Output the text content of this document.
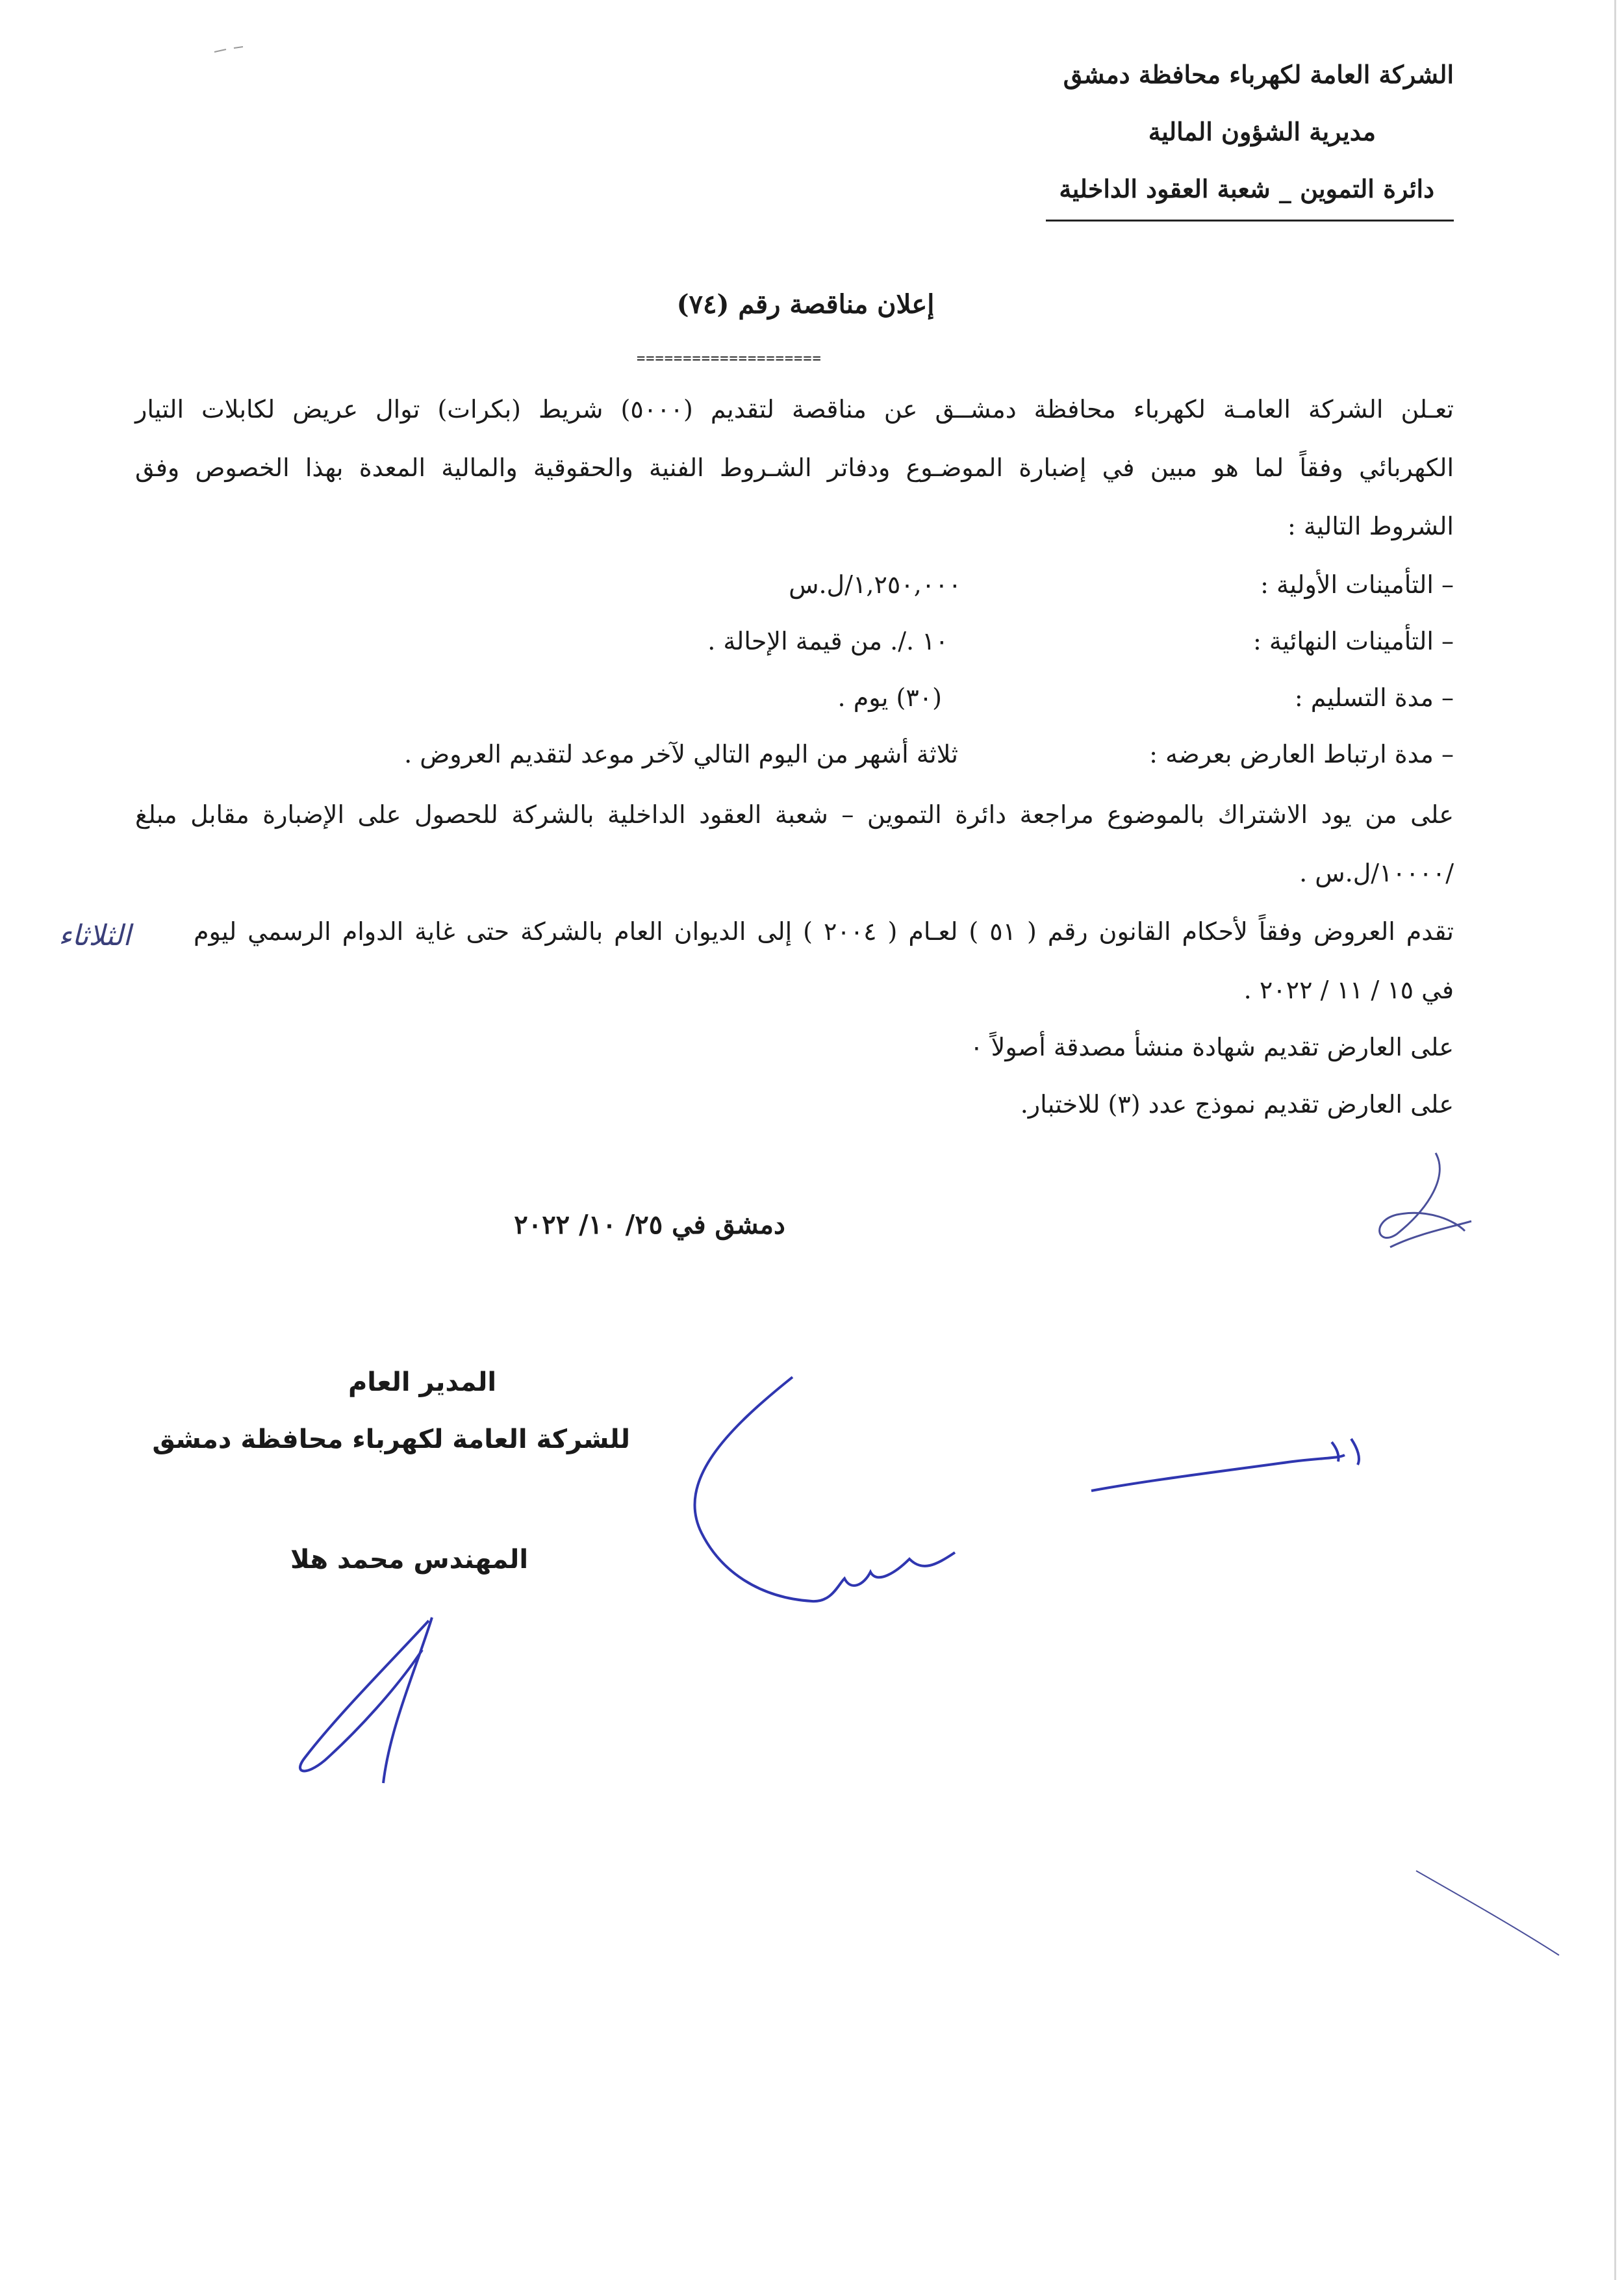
الشركة العامة لكهرباء محافظة دمشق
مديرية الشؤون المالية
دائرة التموين _ شعبة العقود الداخلية
إعلان مناقصة رقم (٧٤)
====================
تعـلن الشركة العامـة لكهرباء محافظة دمشــق عن مناقصة لتقديم (٥٠٠٠) شريط (بكرات) توال عريض لكابلات التيار
الكهربائي وفقاً لما هو مبين في إضبارة الموضـوع ودفاتر الشـروط الفنية والحقوقية والمالية المعدة بهذا الخصوص وفق
الشروط التالية :
– التأمينات الأولية :
١,٢٥٠,٠٠٠/ل.س
– التأمينات النهائية :
١٠ ./. من قيمة الإحالة .
– مدة التسليم :
(٣٠) يوم .
– مدة ارتباط العارض بعرضه :
ثلاثة أشهر من اليوم التالي لآخر موعد لتقديم العروض .
على من يود الاشتراك بالموضوع مراجعة دائرة التموين – شعبة العقود الداخلية بالشركة للحصول على الإضبارة مقابل مبلغ
/١٠٠٠٠/ل.س .
تقدم العروض وفقاً لأحكام القانون رقم ( ٥١ ) لعـام ( ٢٠٠٤ ) إلى الديوان العام بالشركة حتى غاية الدوام الرسمي ليوم
الثلاثاء
في ١٥ / ١١ / ٢٠٢٢ .
على العارض تقديم شهادة منشأ مصدقة أصولاً ٠
على العارض تقديم نموذج عدد (٣) للاختبار.
دمشق في ٢٥/ ١٠/ ٢٠٢٢
المدير العام
للشركة العامة لكهرباء محافظة دمشق
المهندس محمد هلا
